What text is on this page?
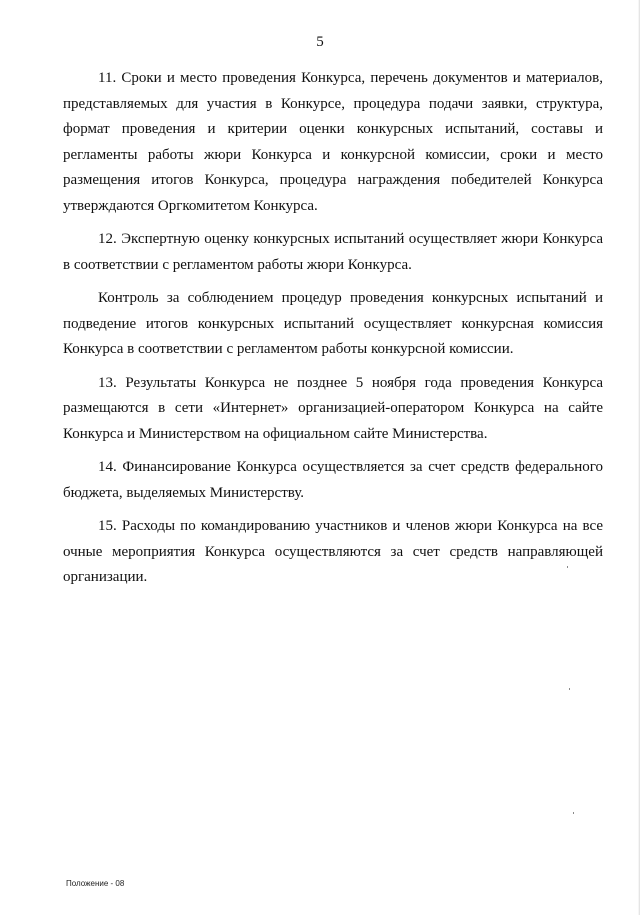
5

11. Сроки и место проведения Конкурса, перечень документов и материалов, представляемых для участия в Конкурсе, процедура подачи заявки, структура, формат проведения и критерии оценки конкурсных испытаний, составы и регламенты работы жюри Конкурса и конкурсной комиссии, сроки и место размещения итогов Конкурса, процедура награждения победителей Конкурса утверждаются Оргкомитетом Конкурса.

12. Экспертную оценку конкурсных испытаний осуществляет жюри Конкурса в соответствии с регламентом работы жюри Конкурса.

Контроль за соблюдением процедур проведения конкурсных испытаний и подведение итогов конкурсных испытаний осуществляет конкурсная комиссия Конкурса в соответствии с регламентом работы конкурсной комиссии.

13. Результаты Конкурса не позднее 5 ноября года проведения Конкурса размещаются в сети «Интернет» организацией-оператором Конкурса на сайте Конкурса и Министерством на официальном сайте Министерства.

14. Финансирование Конкурса осуществляется за счет средств федерального бюджета, выделяемых Министерству.

15. Расходы по командированию участников и членов жюри Конкурса на все очные мероприятия Конкурса осуществляются за счет средств направляющей организации.

Положение - 08
